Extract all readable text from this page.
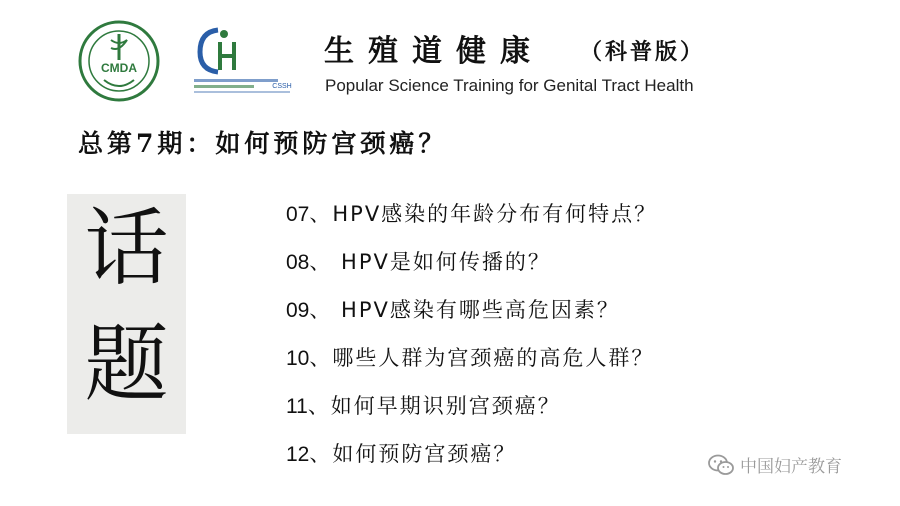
CMDA
CSSH
生殖道健康 （科普版）
Popular Science Training for Genital Tract Health
总第7期：如何预防宫颈癌？
话
题
07、HPV感染的年龄分布有何特点？
08、 HPV是如何传播的？
09、 HPV感染有哪些高危因素？
10、哪些人群为宫颈癌的高危人群？
11、如何早期识别宫颈癌？
12、如何预防宫颈癌？
中国妇产教育
